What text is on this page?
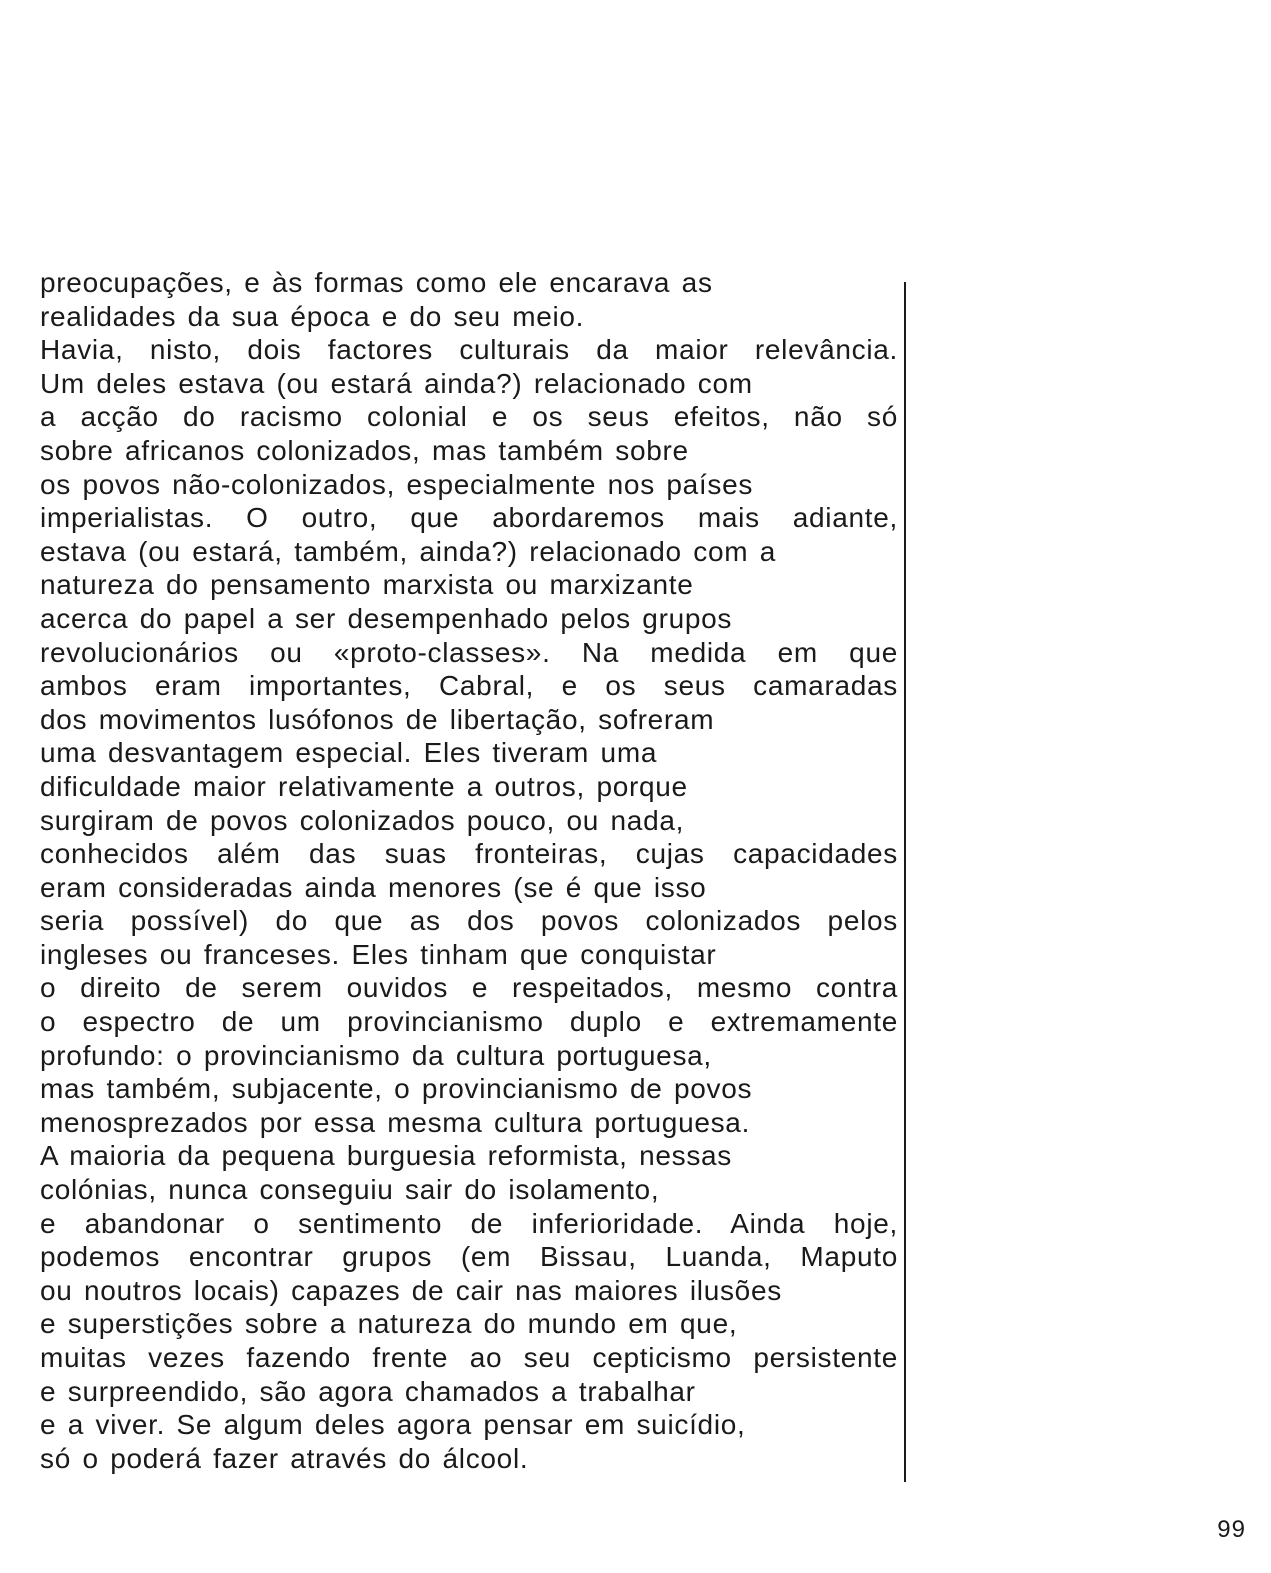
preocupações, e às formas como ele encarava as
realidades da sua época e do seu meio.
Havia, nisto, dois factores culturais da maior relevância.
Um deles estava (ou estará ainda?) relacionado com
a acção do racismo colonial e os seus efeitos, não só
sobre africanos colonizados, mas também sobre
os povos não-colonizados, especialmente nos países
imperialistas. O outro, que abordaremos mais adiante,
estava (ou estará, também, ainda?) relacionado com a
natureza do pensamento marxista ou marxizante
acerca do papel a ser desempenhado pelos grupos
revolucionários ou «proto-classes». Na medida em que
ambos eram importantes, Cabral, e os seus camaradas
dos movimentos lusófonos de libertação, sofreram
uma desvantagem especial. Eles tiveram uma
dificuldade maior relativamente a outros, porque
surgiram de povos colonizados pouco, ou nada,
conhecidos além das suas fronteiras, cujas capacidades
eram consideradas ainda menores (se é que isso
seria possível) do que as dos povos colonizados pelos
ingleses ou franceses. Eles tinham que conquistar
o direito de serem ouvidos e respeitados, mesmo contra
o espectro de um provincianismo duplo e extremamente
profundo: o provincianismo da cultura portuguesa,
mas também, subjacente, o provincianismo de povos
menosprezados por essa mesma cultura portuguesa.
A maioria da pequena burguesia reformista, nessas
colónias, nunca conseguiu sair do isolamento,
e abandonar o sentimento de inferioridade. Ainda hoje,
podemos encontrar grupos (em Bissau, Luanda, Maputo
ou noutros locais) capazes de cair nas maiores ilusões
e superstições sobre a natureza do mundo em que,
muitas vezes fazendo frente ao seu cepticismo persistente
e surpreendido, são agora chamados a trabalhar
e a viver. Se algum deles agora pensar em suicídio,
só o poderá fazer através do álcool.
99
